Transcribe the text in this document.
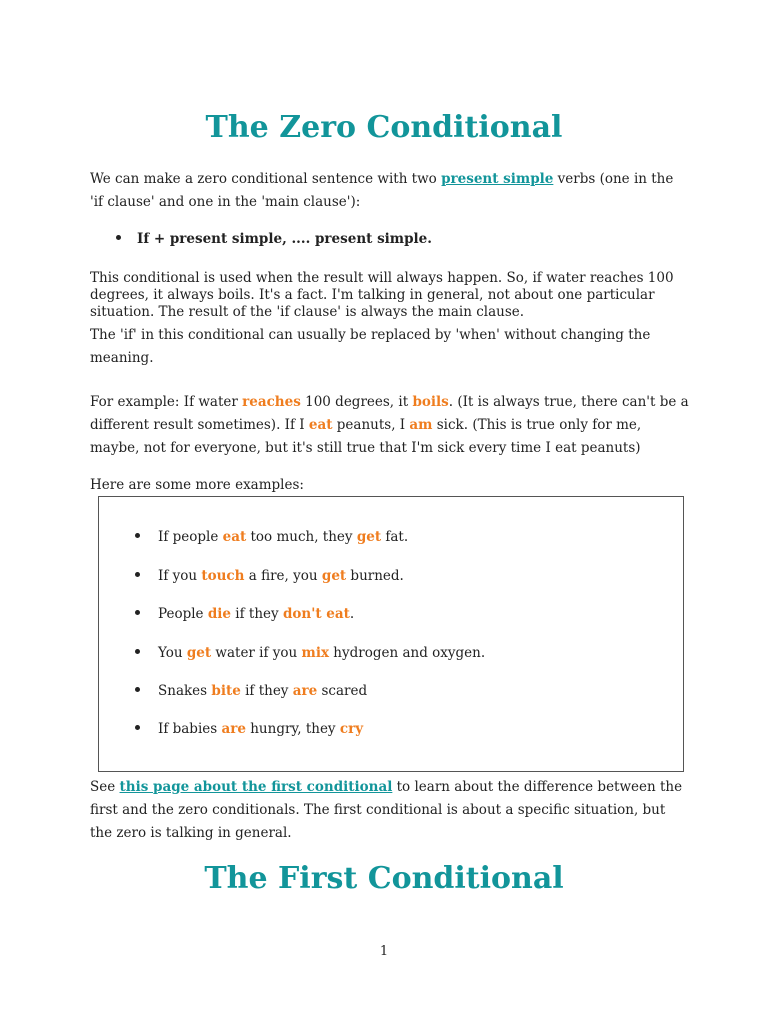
The Zero Conditional

We can make a zero conditional sentence with two present simple verbs (one in the 'if clause' and one in the 'main clause'):

If + present simple, .... present simple.

This conditional is used when the result will always happen. So, if water reaches 100 degrees, it always boils. It's a fact. I'm talking in general, not about one particular situation. The result of the 'if clause' is always the main clause.

The 'if' in this conditional can usually be replaced by 'when' without changing the meaning.

For example: If water reaches 100 degrees, it boils. (It is always true, there can't be a different result sometimes). If I eat peanuts, I am sick. (This is true only for me, maybe, not for everyone, but it's still true that I'm sick every time I eat peanuts)

Here are some more examples:

If people eat too much, they get fat.
If you touch a fire, you get burned.
People die if they don't eat.
You get water if you mix hydrogen and oxygen.
Snakes bite if they are scared
If babies are hungry, they cry

See this page about the first conditional to learn about the difference between the first and the zero conditionals. The first conditional is about a specific situation, but the zero is talking in general.

The First Conditional
1
